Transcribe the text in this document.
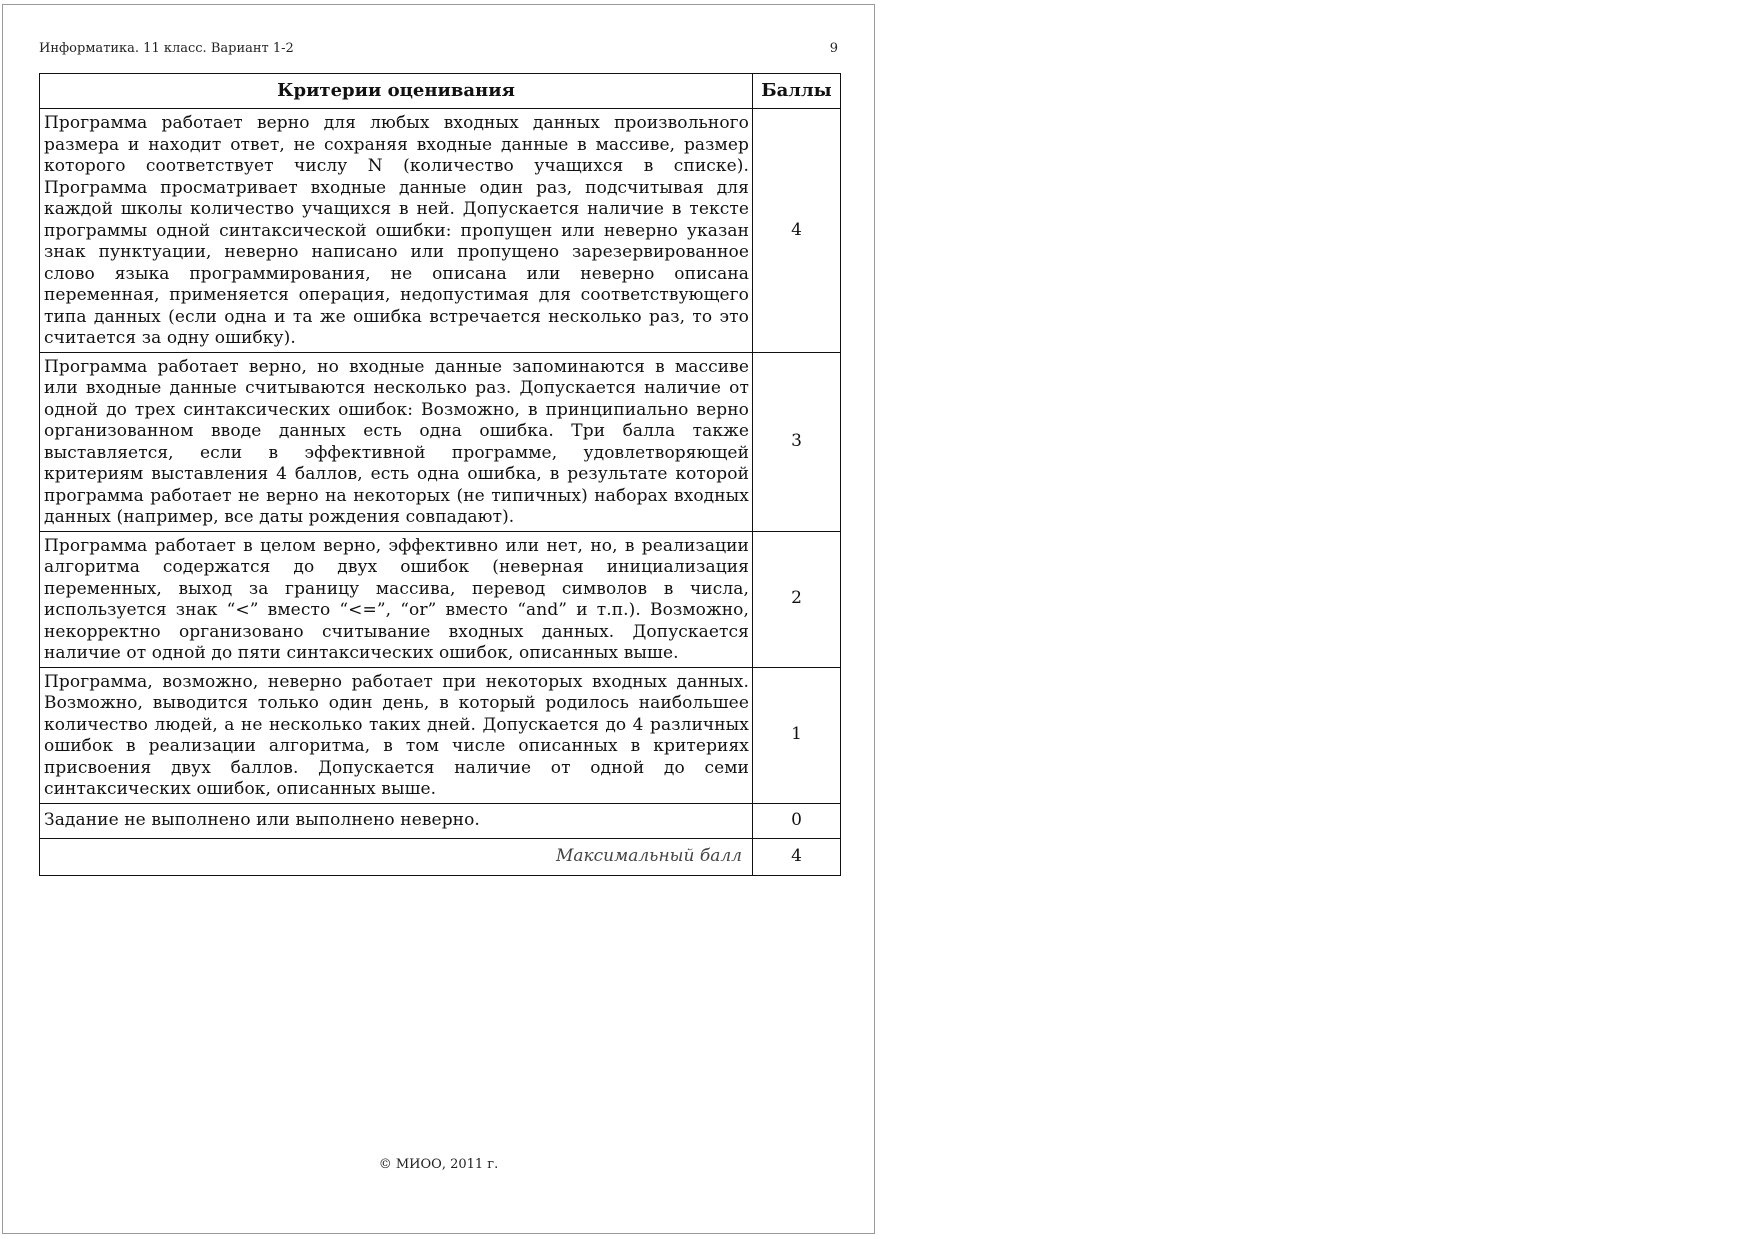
Информатика. 11 класс. Вариант 1-2	9
Критерии оценивания	Баллы
Программа работает верно для любых входных данных произвольного размера и находит ответ, не сохраняя входные данные в массиве, размер которого соответствует числу N (количество учащихся в списке). Программа просматривает входные данные один раз, подсчитывая для каждой школы количество учащихся в ней. Допускается наличие в тексте программы одной синтаксической ошибки: пропущен или неверно указан знак пунктуации, неверно написано или пропущено зарезервированное слово языка программирования, не описана или неверно описана переменная, применяется операция, недопустимая для соответствующего типа данных (если одна и та же ошибка встречается несколько раз, то это считается за одну ошибку).	4
Программа работает верно, но входные данные запоминаются в массиве или входные данные считываются несколько раз. Допускается наличие от одной до трех синтаксических ошибок: Возможно, в принципиально верно организованном вводе данных есть одна ошибка. Три балла также выставляется, если в эффективной программе, удовлетворяющей критериям выставления 4 баллов, есть одна ошибка, в результате которой программа работает не верно на некоторых (не типичных) наборах входных данных (например, все даты рождения совпадают).	3
Программа работает в целом верно, эффективно или нет, но, в реализации алгоритма содержатся до двух ошибок (неверная инициализация переменных, выход за границу массива, перевод символов в числа, используется знак “<” вместо “<=”, “or” вместо “and” и т.п.). Возможно, некорректно организовано считывание входных данных. Допускается наличие от одной до пяти синтаксических ошибок, описанных выше.	2
Программа, возможно, неверно работает при некоторых входных данных. Возможно, выводится только один день, в который родилось наибольшее количество людей, а не несколько таких дней. Допускается до 4 различных ошибок в реализации алгоритма, в том числе описанных в критериях присвоения двух баллов. Допускается наличие от одной до семи синтаксических ошибок, описанных выше.	1
Задание не выполнено или выполнено неверно.	0
Максимальный балл	4
© МИОО, 2011 г.
